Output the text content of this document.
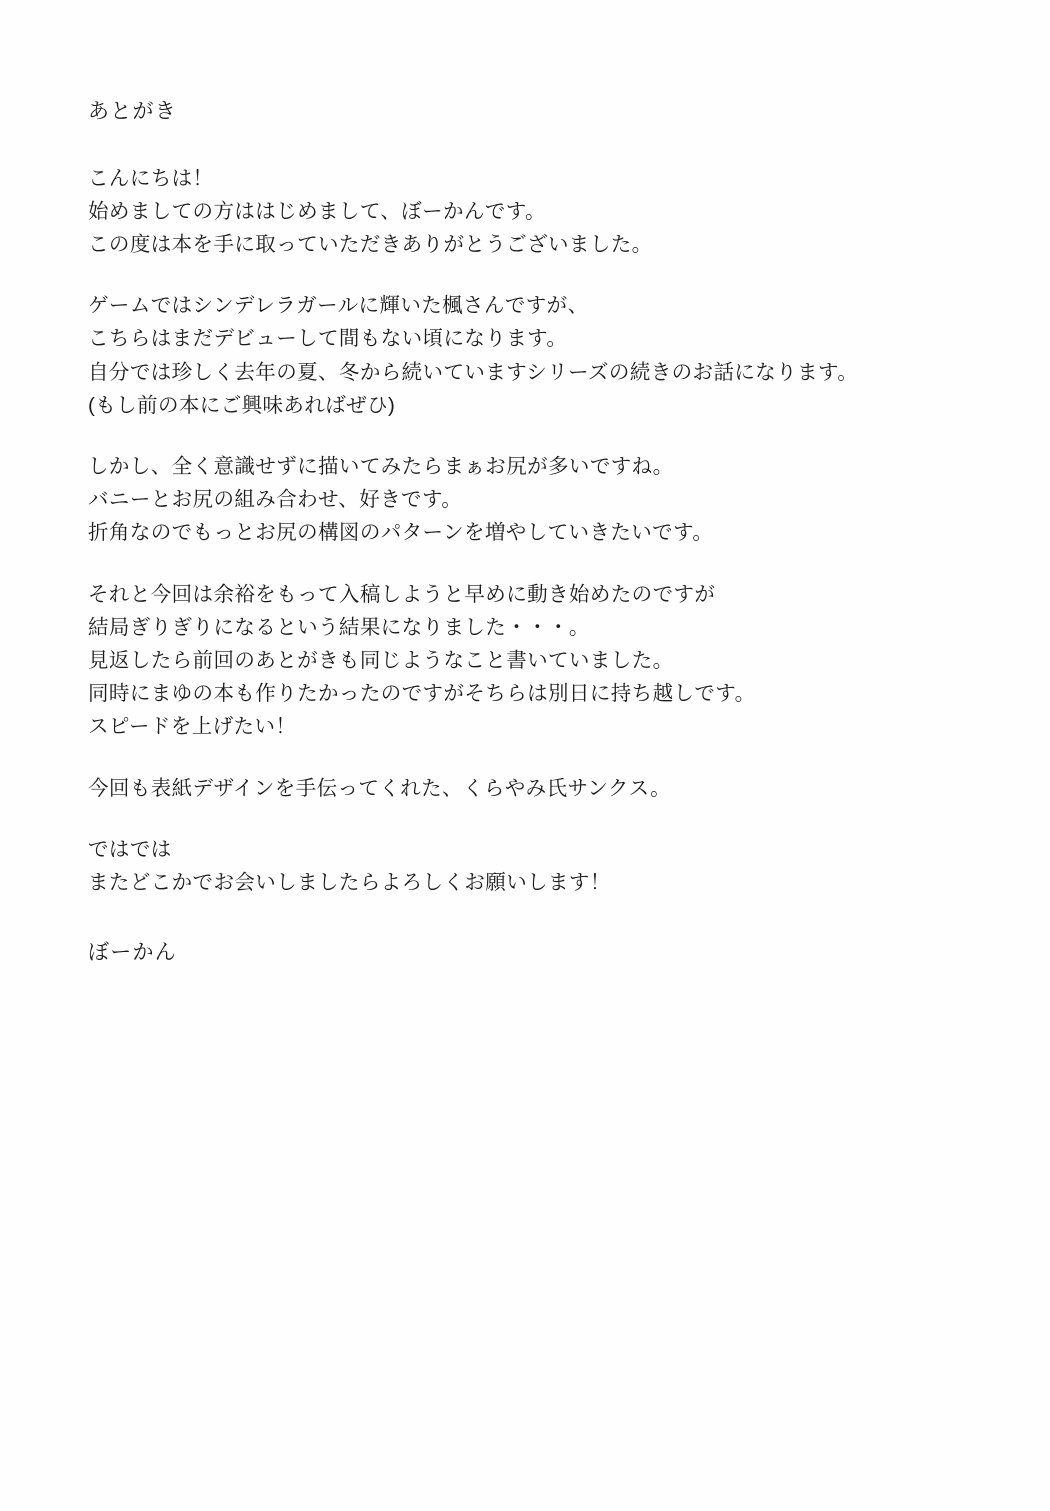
あとがき
こんにちは！
始めましての方ははじめまして、ぼーかんです。
この度は本を手に取っていただきありがとうございました。
ゲームではシンデレラガールに輝いた楓さんですが、
こちらはまだデビューして間もない頃になります。
自分では珍しく去年の夏、冬から続いていますシリーズの続きのお話になります。
(もし前の本にご興味あればぜひ)
しかし、全く意識せずに描いてみたらまぁお尻が多いですね。
バニーとお尻の組み合わせ、好きです。
折角なのでもっとお尻の構図のパターンを増やしていきたいです。
それと今回は余裕をもって入稿しようと早めに動き始めたのですが
結局ぎりぎりになるという結果になりました・・・。
見返したら前回のあとがきも同じようなこと書いていました。
同時にまゆの本も作りたかったのですがそちらは別日に持ち越しです。
スピードを上げたい！
今回も表紙デザインを手伝ってくれた、くらやみ氏サンクス。
ではでは
またどこかでお会いしましたらよろしくお願いします！
ぼーかん
